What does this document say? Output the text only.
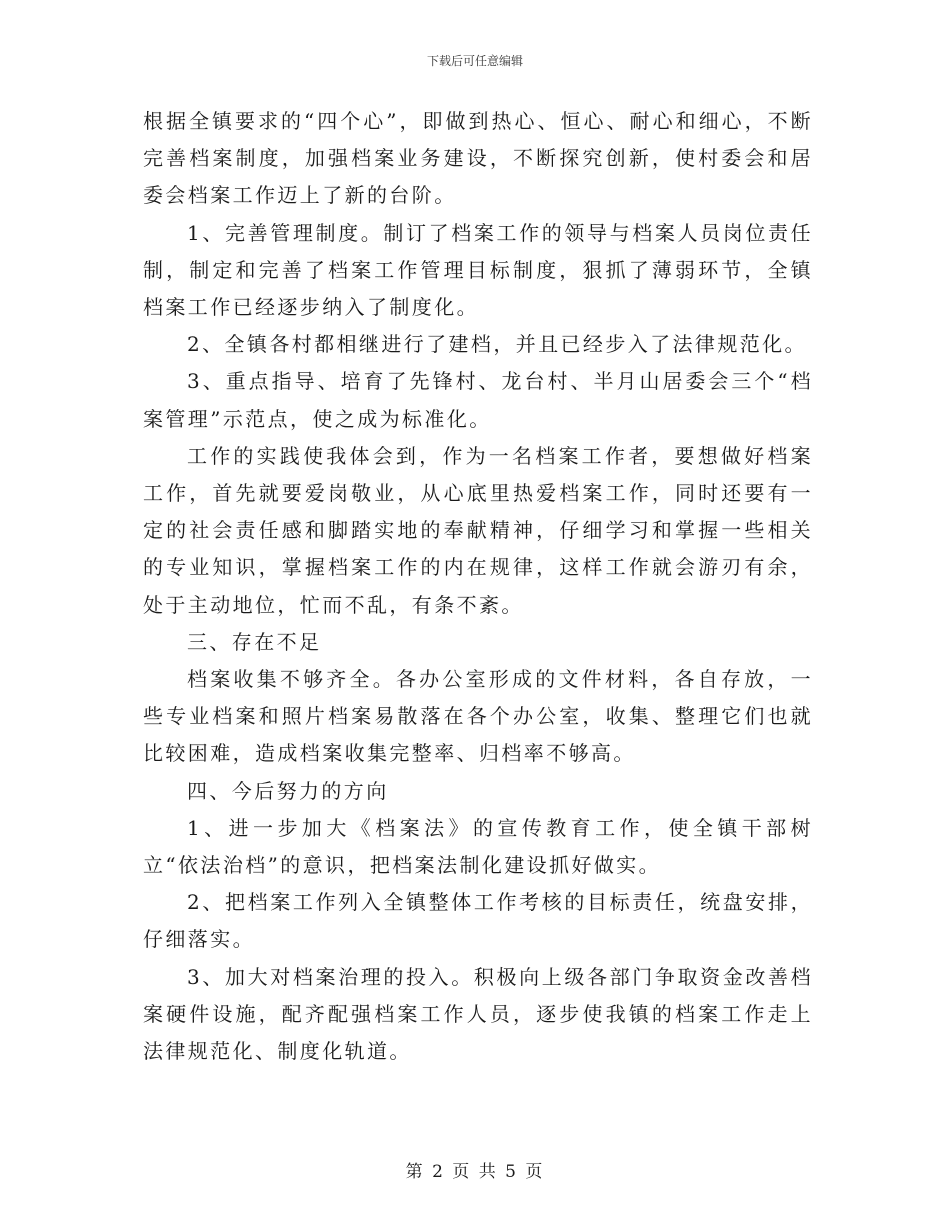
下载后可任意编辑

根据全镇要求的“四个心”，即做到热心、恒心、耐心和细心，不断完善档案制度，加强档案业务建设，不断探究创新，使村委会和居委会档案工作迈上了新的台阶。

1、完善管理制度。制订了档案工作的领导与档案人员岗位责任制，制定和完善了档案工作管理目标制度，狠抓了薄弱环节，全镇档案工作已经逐步纳入了制度化。

2、全镇各村都相继进行了建档，并且已经步入了法律规范化。

3、重点指导、培育了先锋村、龙台村、半月山居委会三个“档案管理”示范点，使之成为标准化。

工作的实践使我体会到，作为一名档案工作者，要想做好档案工作，首先就要爱岗敬业，从心底里热爱档案工作，同时还要有一定的社会责任感和脚踏实地的奉献精神，仔细学习和掌握一些相关的专业知识，掌握档案工作的内在规律，这样工作就会游刃有余，处于主动地位，忙而不乱，有条不紊。

三、存在不足

档案收集不够齐全。各办公室形成的文件材料，各自存放，一些专业档案和照片档案易散落在各个办公室，收集、整理它们也就比较困难，造成档案收集完整率、归档率不够高。

四、今后努力的方向

1、进一步加大《档案法》的宣传教育工作，使全镇干部树立“依法治档”的意识，把档案法制化建设抓好做实。

2、把档案工作列入全镇整体工作考核的目标责任，统盘安排，仔细落实。

3、加大对档案治理的投入。积极向上级各部门争取资金改善档案硬件设施，配齐配强档案工作人员，逐步使我镇的档案工作走上法律规范化、制度化轨道。

第 2 页 共 5 页
